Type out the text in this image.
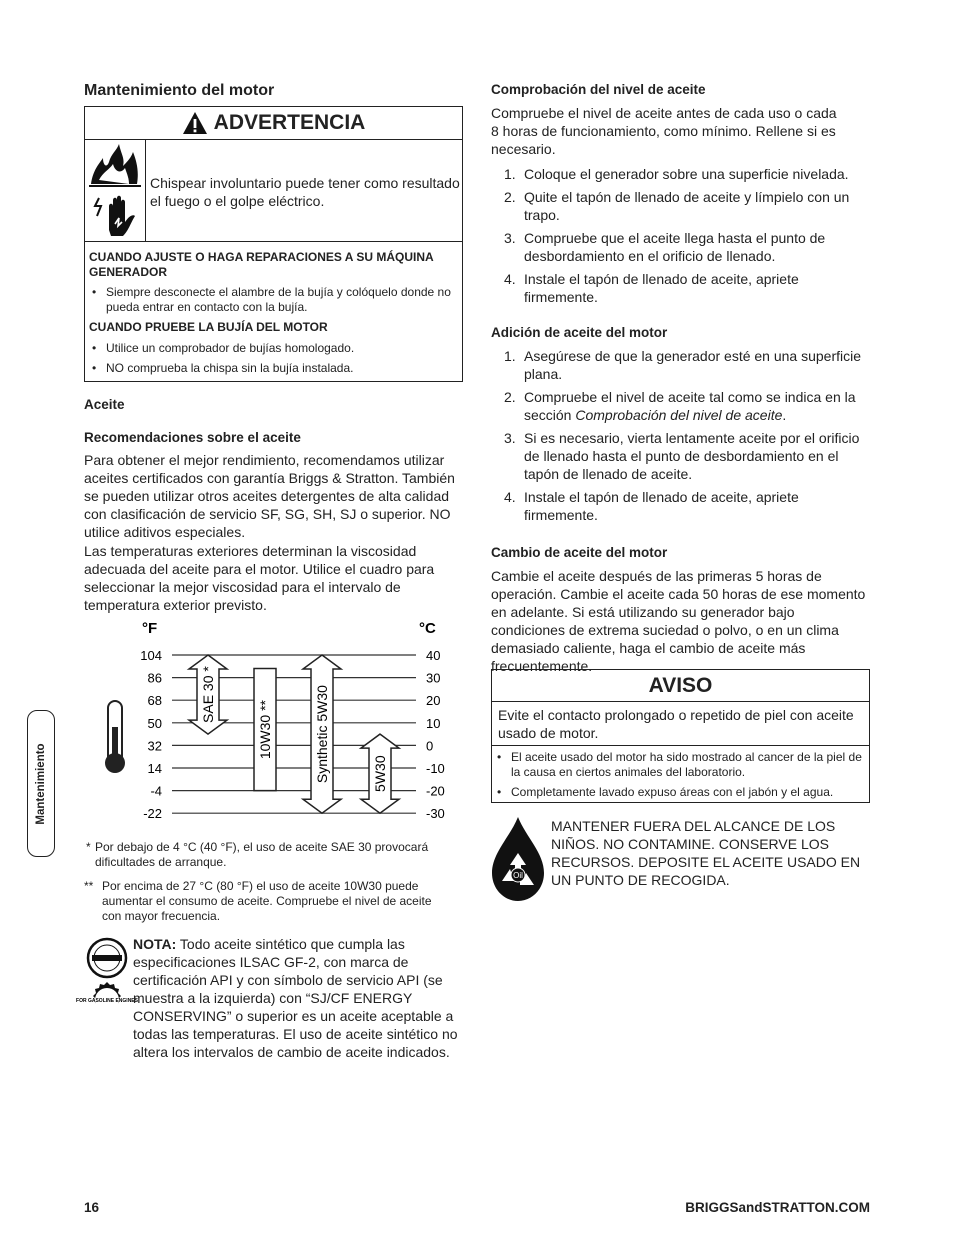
Mantenimiento del motor
ADVERTENCIA
Chispear involuntario puede tener como resultado el fuego o el golpe eléctrico.
CUANDO AJUSTE O HAGA REPARACIONES A SU MÁQUINA GENERADOR
• Siempre desconecte el alambre de la bujía y colóquelo donde no pueda entrar en contacto con la bujía.
CUANDO PRUEBE LA BUJÍA DEL MOTOR
• Utilice un comprobador de bujías homologado.
• NO comprueba la chispa sin la bujía instalada.
Aceite
Recomendaciones sobre el aceite
Para obtener el mejor rendimiento, recomendamos utilizar aceites certificados con garantía Briggs & Stratton. También se pueden utilizar otros aceites detergentes de alta calidad con clasificación de servicio SF, SG, SH, SJ o superior. NO utilice aditivos especiales.
Las temperaturas exteriores determinan la viscosidad adecuada del aceite para el motor. Utilice el cuadro para seleccionar la mejor viscosidad para el intervalo de temperatura exterior previsto.
SAE 30 *
10W30 **	Synthetic 5W30	5W30
104	40
86	30
68	20
50	10
32	0
14	-10
-4	-20
-22	-30
°F	°C
* Por debajo de 4 °C (40 °F), el uso de aceite SAE 30 provocará dificultades de arranque.
** Por encima de 27 °C (80 °F) el uso de aceite 10W30 puede aumentar el consumo de aceite. Compruebe el nivel de aceite con mayor frecuencia.
FOR GASOLINE ENGINES
NOTA: Todo aceite sintético que cumpla las especificaciones ILSAC GF-2, con marca de certificación API y con símbolo de servicio API (se muestra a la izquierda) con “SJ/CF ENERGY CONSERVING” o superior es un aceite aceptable a todas las temperaturas. El uso de aceite sintético no altera los intervalos de cambio de aceite indicados.
Mantenimiento
Comprobación del nivel de aceite
Compruebe el nivel de aceite antes de cada uso o cada 8 horas de funcionamiento, como mínimo. Rellene si es necesario.
1. Coloque el generador sobre una superficie nivelada.
2. Quite el tapón de llenado de aceite y límpielo con un trapo.
3. Compruebe que el aceite llega hasta el punto de desbordamiento en el orificio de llenado.
4. Instale el tapón de llenado de aceite, apriete firmemente.
Adición de aceite del motor
1. Asegúrese de que la generador esté en una superficie plana.
2. Compruebe el nivel de aceite tal como se indica en la sección Comprobación del nivel de aceite.
3. Si es necesario, vierta lentamente aceite por el orificio de llenado hasta el punto de desbordamiento en el tapón de llenado de aceite.
4. Instale el tapón de llenado de aceite, apriete firmemente.
Cambio de aceite del motor
Cambie el aceite después de las primeras 5 horas de operación. Cambie el aceite cada 50 horas de ese momento en adelante. Si está utilizando su generador bajo condiciones de extrema suciedad o polvo, o en un clima demasiado caliente, haga el cambio de aceite más frecuentemente.
AVISO
Evite el contacto prolongado o repetido de piel con aceite usado de motor.
• El aceite usado del motor ha sido mostrado al cancer de la piel de la causa en ciertos animales del laboratorio.
• Completamente lavado expuso áreas con el jabón y el agua.
Oil
MANTENER FUERA DEL ALCANCE DE LOS NIÑOS. NO CONTAMINE. CONSERVE LOS RECURSOS. DEPOSITE EL ACEITE USADO EN UN PUNTO DE RECOGIDA.
16	BRIGGSandSTRATTON.COM
